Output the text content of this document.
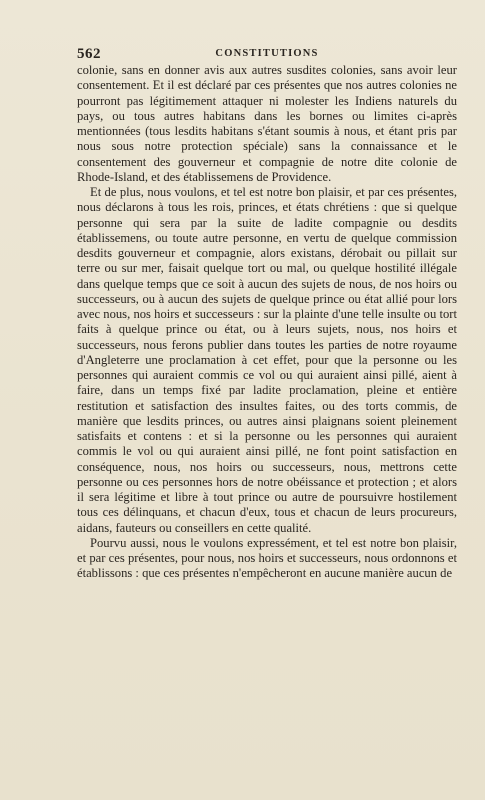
562	CONSTITUTIONS

colonie, sans en donner avis aux autres susdites colonies, sans avoir leur consentement. Et il est déclaré par ces présentes que nos autres colonies ne pourront pas légitimement attaquer ni molester les Indiens naturels du pays, ou tous autres habitans dans les bornes ou limites ci-après mentionnées (tous lesdits habitans s'étant soumis à nous, et étant pris par nous sous notre protection spéciale) sans la connaissance et le consentement des gouverneur et compagnie de notre dite colonie de Rhode-Island, et des établissemens de Providence.

Et de plus, nous voulons, et tel est notre bon plaisir, et par ces présentes, nous déclarons à tous les rois, princes, et états chrétiens : que si quelque personne qui sera par la suite de ladite compagnie ou desdits établissemens, ou toute autre personne, en vertu de quelque commission desdits gouverneur et compagnie, alors existans, dérobait ou pillait sur terre ou sur mer, faisait quelque tort ou mal, ou quelque hostilité illégale dans quelque temps que ce soit à aucun des sujets de nous, de nos hoirs ou successeurs, ou à aucun des sujets de quelque prince ou état allié pour lors avec nous, nos hoirs et successeurs : sur la plainte d'une telle insulte ou tort faits à quelque prince ou état, ou à leurs sujets, nous, nos hoirs et successeurs, nous ferons publier dans toutes les parties de notre royaume d'Angleterre une proclamation à cet effet, pour que la personne ou les personnes qui auraient commis ce vol ou qui auraient ainsi pillé, aient à faire, dans un temps fixé par ladite proclamation, pleine et entière restitution et satisfaction des insultes faites, ou des torts commis, de manière que lesdits princes, ou autres ainsi plaignans soient pleinement satisfaits et contens : et si la personne ou les personnes qui auraient commis le vol ou qui auraient ainsi pillé, ne font point satisfaction en conséquence, nous, nos hoirs ou successeurs, nous, mettrons cette personne ou ces personnes hors de notre obéissance et protection ; et alors il sera légitime et libre à tout prince ou autre de poursuivre hostilement tous ces délinquans, et chacun d'eux, tous et chacun de leurs procureurs, aidans, fauteurs ou conseillers en cette qualité.

Pourvu aussi, nous le voulons expressément, et tel est notre bon plaisir, et par ces présentes, pour nous, nos hoirs et successeurs, nous ordonnons et établissons : que ces présentes n'empêcheront en aucune manière aucun de
